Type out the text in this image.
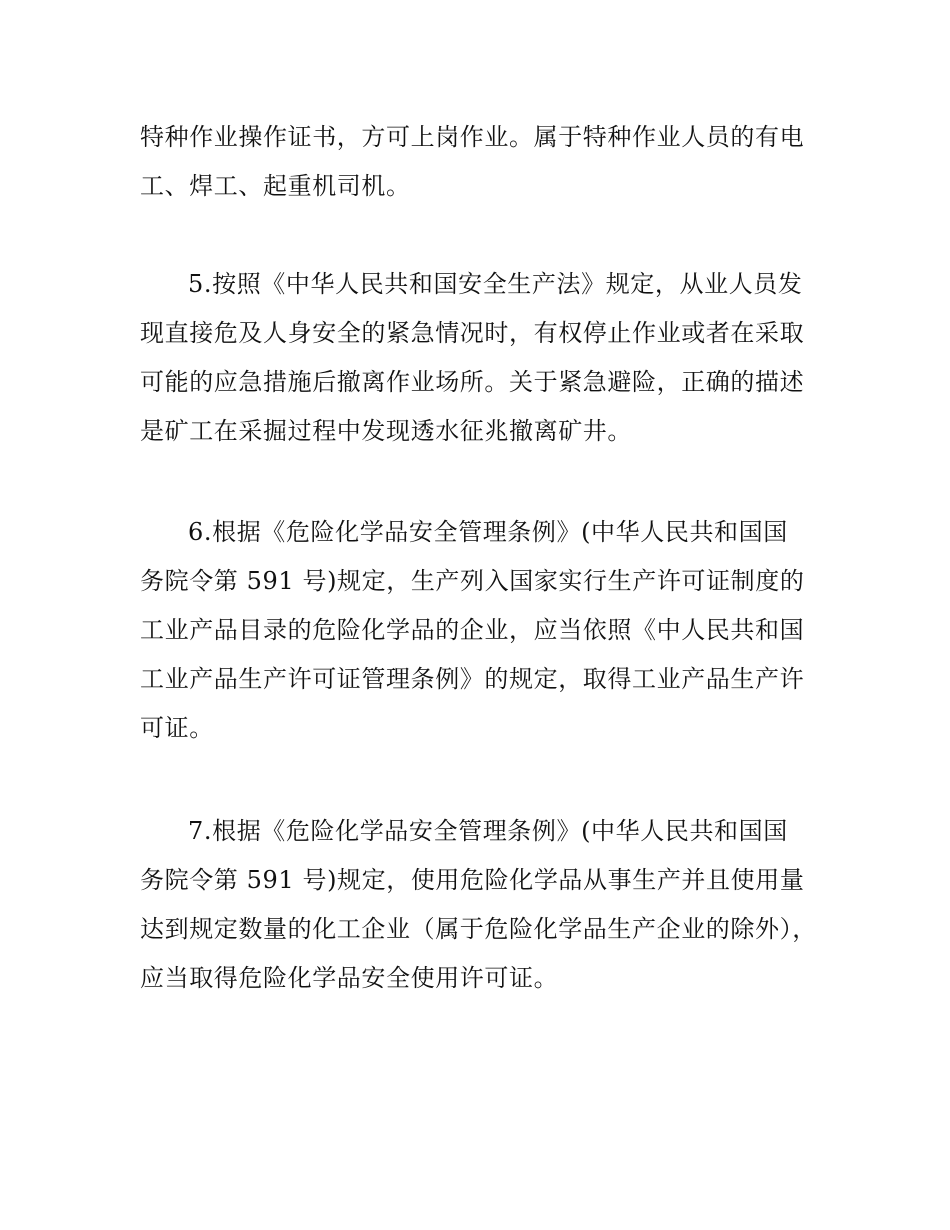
特种作业操作证书，方可上岗作业。属于特种作业人员的有电
工、焊工、起重机司机。
5.按照《中华人民共和国安全生产法》规定，从业人员发
现直接危及人身安全的紧急情况时，有权停止作业或者在采取
可能的应急措施后撤离作业场所。关于紧急避险，正确的描述
是矿工在采掘过程中发现透水征兆撤离矿井。
6.根据《危险化学品安全管理条例》(中华人民共和国国
务院令第 591 号)规定，生产列入国家实行生产许可证制度的
工业产品目录的危险化学品的企业，应当依照《中人民共和国
工业产品生产许可证管理条例》的规定，取得工业产品生产许
可证。
7.根据《危险化学品安全管理条例》(中华人民共和国国
务院令第 591 号)规定，使用危险化学品从事生产并且使用量
达到规定数量的化工企业（属于危险化学品生产企业的除外），
应当取得危险化学品安全使用许可证。
